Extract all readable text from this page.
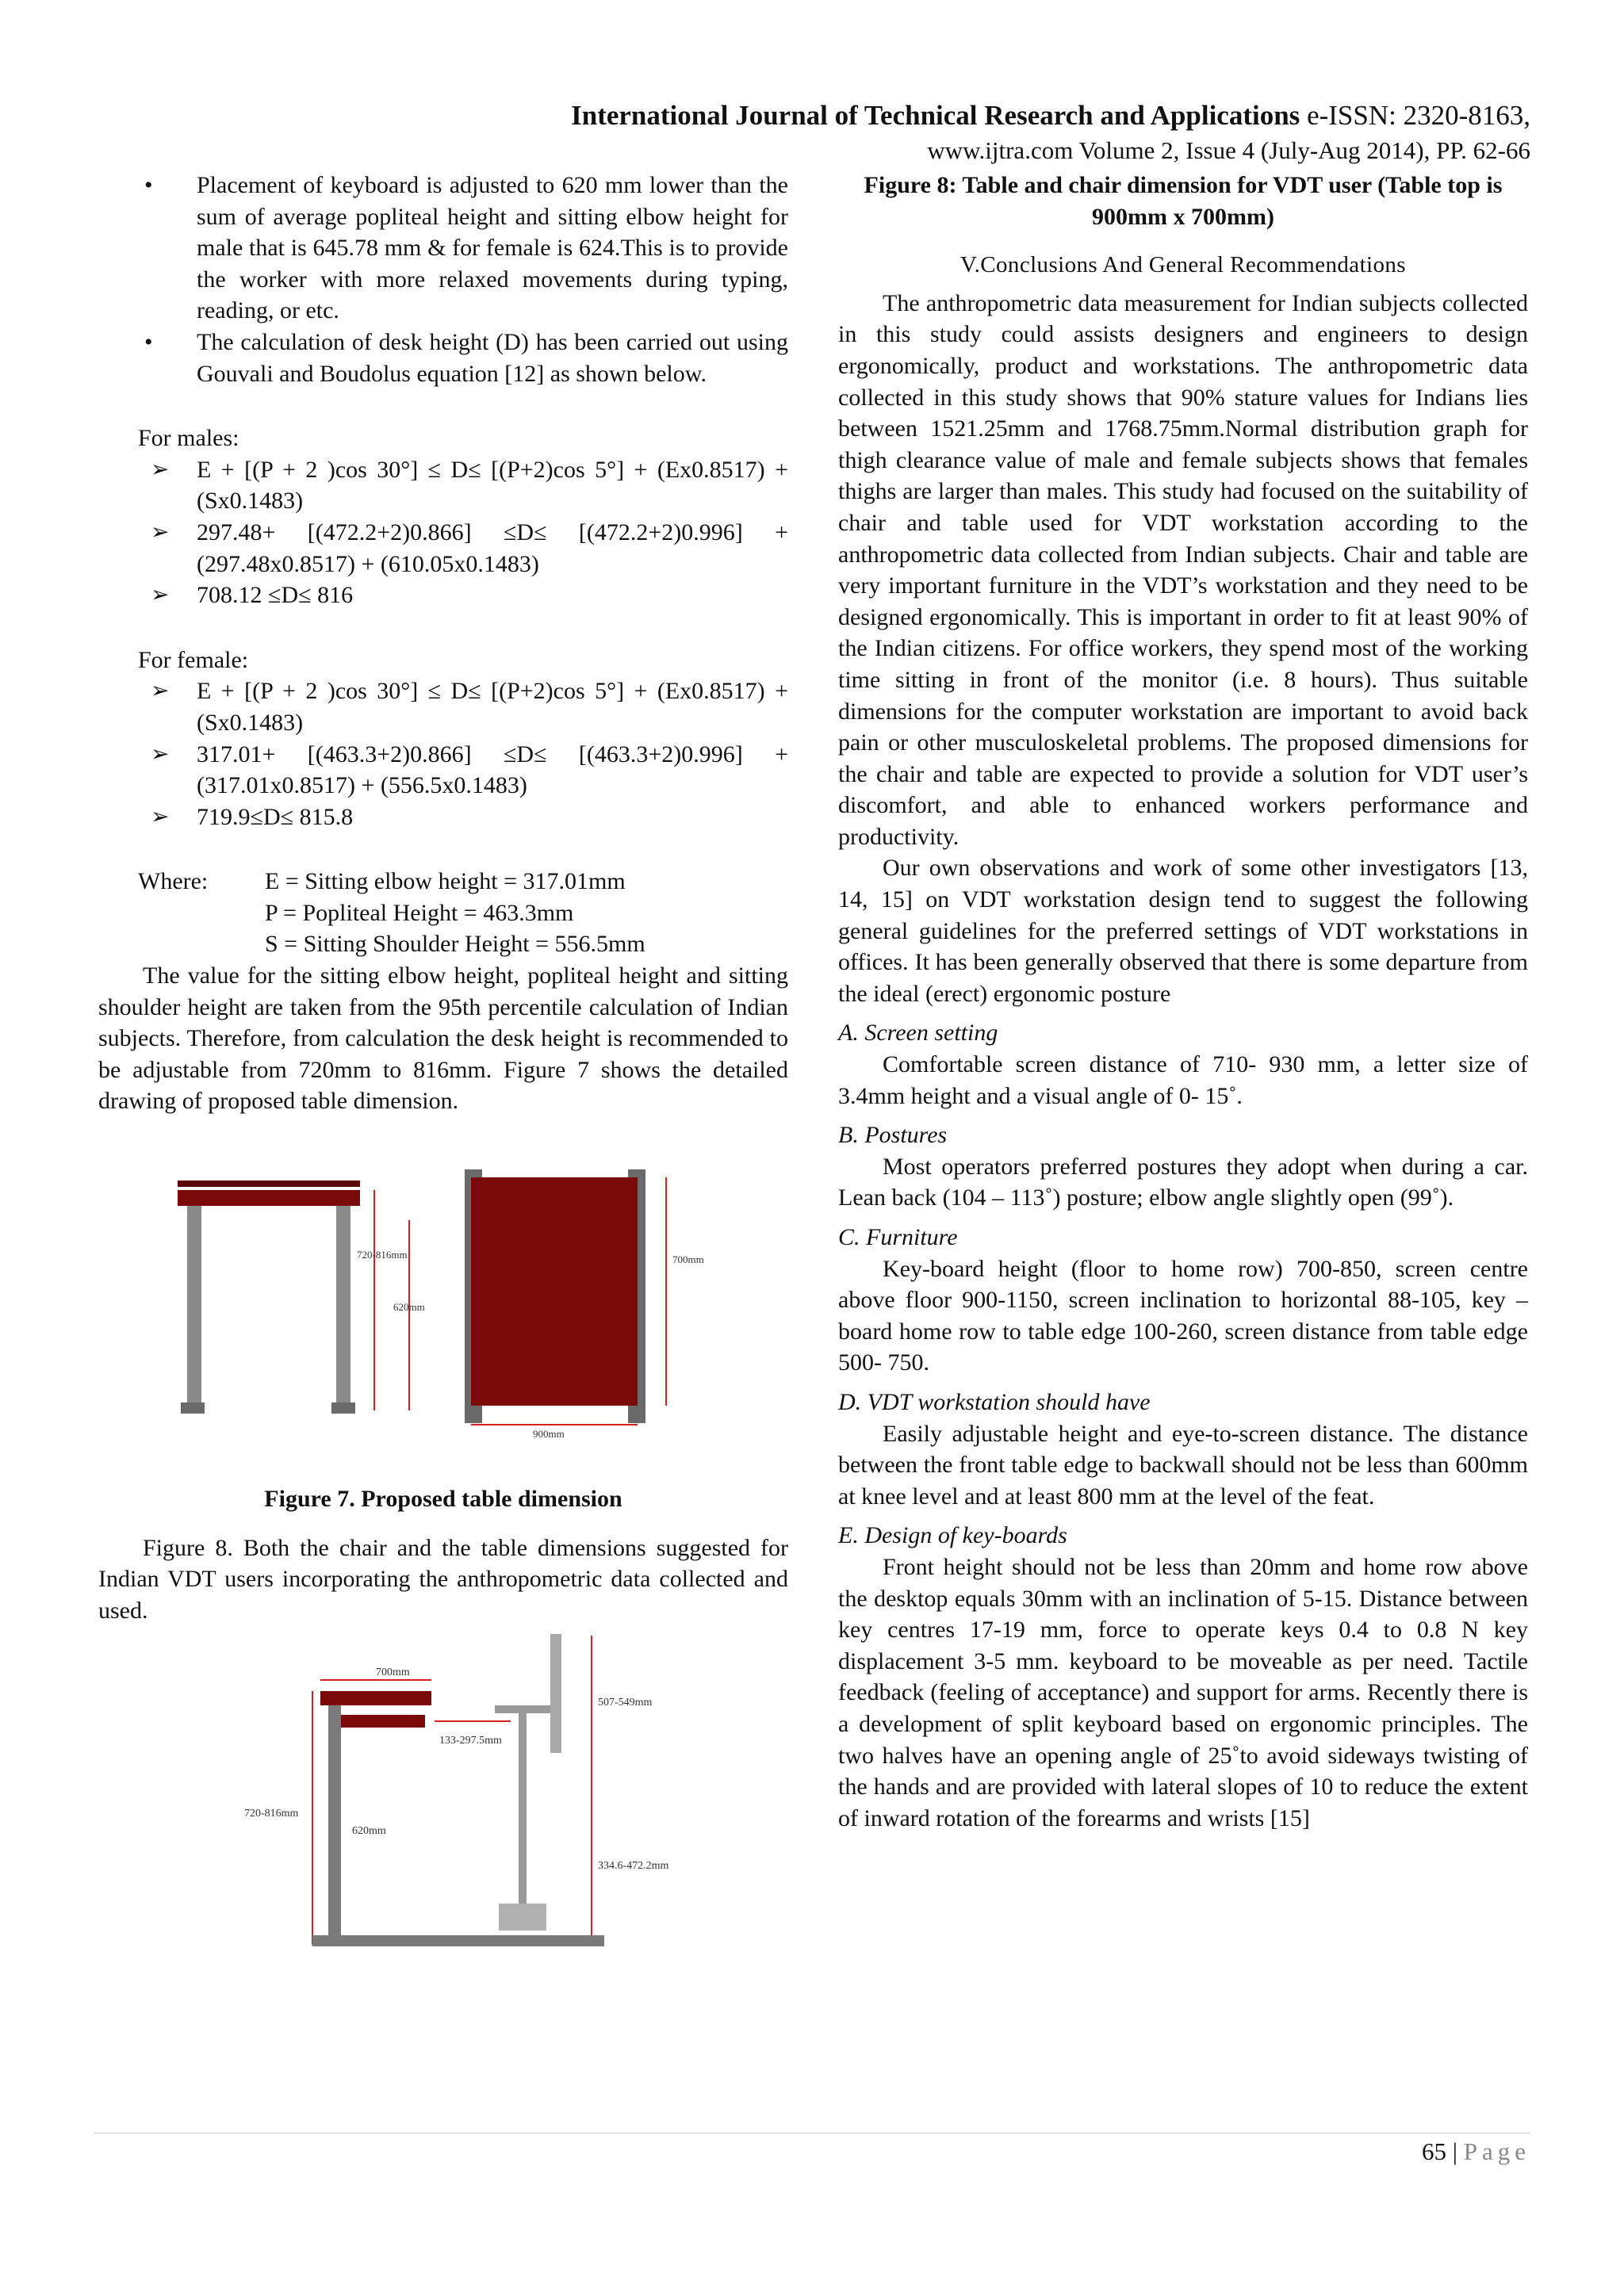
International Journal of Technical Research and Applications e-ISSN: 2320-8163,
www.ijtra.com Volume 2, Issue 4 (July-Aug 2014), PP. 62-66
• Placement of keyboard is adjusted to 620 mm lower than the sum of average popliteal height and sitting elbow height for male that is 645.78 mm & for female is 624.This is to provide the worker with more relaxed movements during typing, reading, or etc.
• The calculation of desk height (D) has been carried out using Gouvali and Boudolus equation [12] as shown below.

For males:

➢ E + [(P + 2 )cos 30°] ≤ D≤ [(P+2)cos 5°] + (Ex0.8517) + (Sx0.1483)
➢ 297.48+ [(472.2+2)0.866] ≤D≤ [(472.2+2)0.996] + (297.48x0.8517) + (610.05x0.1483)
➢ 708.12 ≤D≤ 816

For female:

➢ E + [(P + 2 )cos 30°] ≤ D≤ [(P+2)cos 5°] + (Ex0.8517) + (Sx0.1483)
➢ 317.01+ [(463.3+2)0.866] ≤D≤ [(463.3+2)0.996] + (317.01x0.8517) + (556.5x0.1483)
➢ 719.9≤D≤ 815.8
Where:	E = Sitting elbow height = 317.01mm
P = Popliteal Height = 463.3mm
S = Sitting Shoulder Height = 556.5mm

The value for the sitting elbow height, popliteal height and sitting shoulder height are taken from the 95th percentile calculation of Indian subjects. Therefore, from calculation the desk height is recommended to be adjustable from 720mm to 816mm. Figure 7 shows the detailed drawing of proposed table dimension.

720-816mm
620mm
700mm
900mm

Figure 7. Proposed table dimension

Figure 8. Both the chair and the table dimensions suggested for Indian VDT users incorporating the anthropometric data collected and used.

700mm
720-816mm
620mm
133-297.5mm
507-549mm
334.6-472.2mm

Figure 8: Table and chair dimension for VDT user (Table top is 900mm x 700mm)

V.Conclusions And General Recommendations

The anthropometric data measurement for Indian subjects collected in this study could assists designers and engineers to design ergonomically, product and workstations. The anthropometric data collected in this study shows that 90% stature values for Indians lies between 1521.25mm and 1768.75mm.Normal distribution graph for thigh clearance value of male and female subjects shows that females thighs are larger than males. This study had focused on the suitability of chair and table used for VDT workstation according to the anthropometric data collected from Indian subjects. Chair and table are very important furniture in the VDT’s workstation and they need to be designed ergonomically. This is important in order to fit at least 90% of the Indian citizens. For office workers, they spend most of the working time sitting in front of the monitor (i.e. 8 hours). Thus suitable dimensions for the computer workstation are important to avoid back pain or other musculoskeletal problems. The proposed dimensions for the chair and table are expected to provide a solution for VDT user’s discomfort, and able to enhanced workers performance and productivity.

Our own observations and work of some other investigators [13, 14, 15] on VDT workstation design tend to suggest the following general guidelines for the preferred settings of VDT workstations in offices. It has been generally observed that there is some departure from the ideal (erect) ergonomic posture

A. Screen setting

Comfortable screen distance of 710- 930 mm, a letter size of 3.4mm height and a visual angle of 0- 15˚.

B. Postures

Most operators preferred postures they adopt when during a car. Lean back (104 – 113˚) posture; elbow angle slightly open (99˚).

C. Furniture

Key-board height (floor to home row) 700-850, screen centre above floor 900-1150, screen inclination to horizontal 88-105, key – board home row to table edge 100-260, screen distance from table edge 500- 750.

D. VDT workstation should have

Easily adjustable height and eye-to-screen distance. The distance between the front table edge to backwall should not be less than 600mm at knee level and at least 800 mm at the level of the feat.

E. Design of key-boards

Front height should not be less than 20mm and home row above the desktop equals 30mm with an inclination of 5-15. Distance between key centres 17-19 mm, force to operate keys 0.4 to 0.8 N key displacement 3-5 mm. keyboard to be moveable as per need. Tactile feedback (feeling of acceptance) and support for arms. Recently there is a development of split keyboard based on ergonomic principles. The two halves have an opening angle of 25˚to avoid sideways twisting of the hands and are provided with lateral slopes of 10 to reduce the extent of inward rotation of the forearms and wrists [15]

65 | Page
